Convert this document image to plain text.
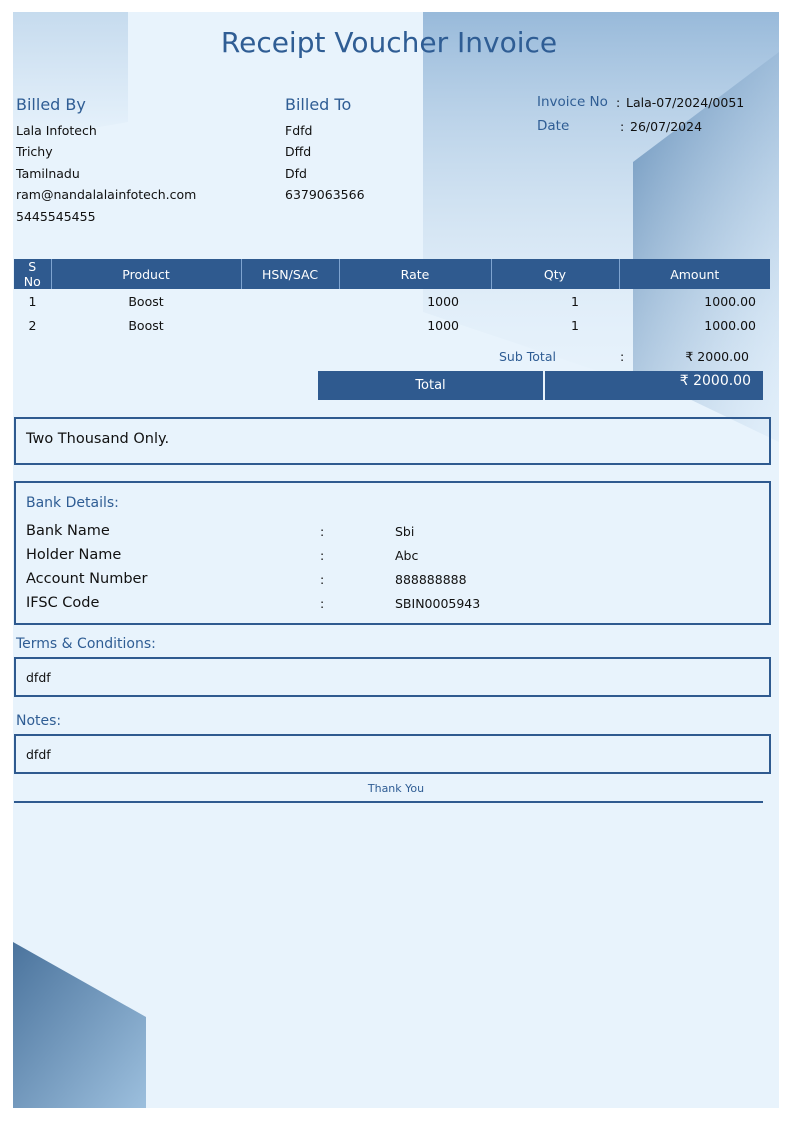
Receipt Voucher Invoice
Billed By
Lala Infotech
Trichy
Tamilnadu
ram@nandalalainfotech.com
5445545455
Billed To
Fdfd
Dffd
Dfd
6379063566
Invoice No : Lala-07/2024/0051
Date	: 26/07/2024
S No	Product	HSN/SAC	Rate	Qty	Amount
1	Boost		1000	1	1000.00
2	Boost		1000	1	1000.00
Sub Total	:	₹ 2000.00
Total	₹ 2000.00
Two Thousand Only.
Bank Details:
Bank Name	:	Sbi
Holder Name	:	Abc
Account Number	:	888888888
IFSC Code	:	SBIN0005943
Terms & Conditions:
dfdf
Notes:
dfdf
Thank You
